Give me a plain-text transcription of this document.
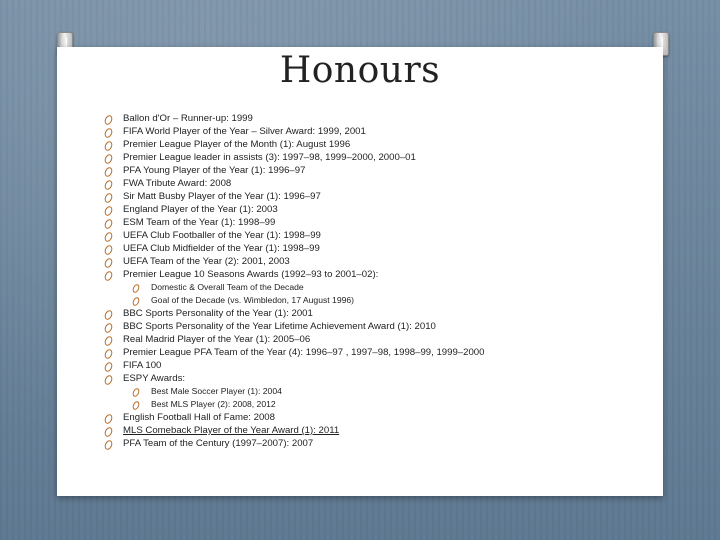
Honours
Ballon d'Or – Runner-up: 1999
FIFA World Player of the Year – Silver Award: 1999, 2001
Premier League Player of the Month (1): August 1996
Premier League leader in assists (3): 1997–98, 1999–2000, 2000–01
PFA Young Player of the Year (1): 1996–97
FWA Tribute Award: 2008
Sir Matt Busby Player of the Year (1): 1996–97
England Player of the Year (1): 2003
ESM Team of the Year (1): 1998–99
UEFA Club Footballer of the Year (1): 1998–99
UEFA Club Midfielder of the Year (1): 1998–99
UEFA Team of the Year (2): 2001, 2003
Premier League 10 Seasons Awards (1992–93 to 2001–02):
Domestic & Overall Team of the Decade
Goal of the Decade (vs. Wimbledon, 17 August 1996)
BBC Sports Personality of the Year (1): 2001
BBC Sports Personality of the Year Lifetime Achievement Award (1): 2010
Real Madrid Player of the Year (1): 2005–06
Premier League PFA Team of the Year (4): 1996–97 , 1997–98, 1998–99, 1999–2000
FIFA 100
ESPY Awards:
Best Male Soccer Player (1): 2004
Best MLS Player (2): 2008, 2012
English Football Hall of Fame: 2008
MLS Comeback Player of the Year Award (1): 2011
PFA Team of the Century (1997–2007): 2007
